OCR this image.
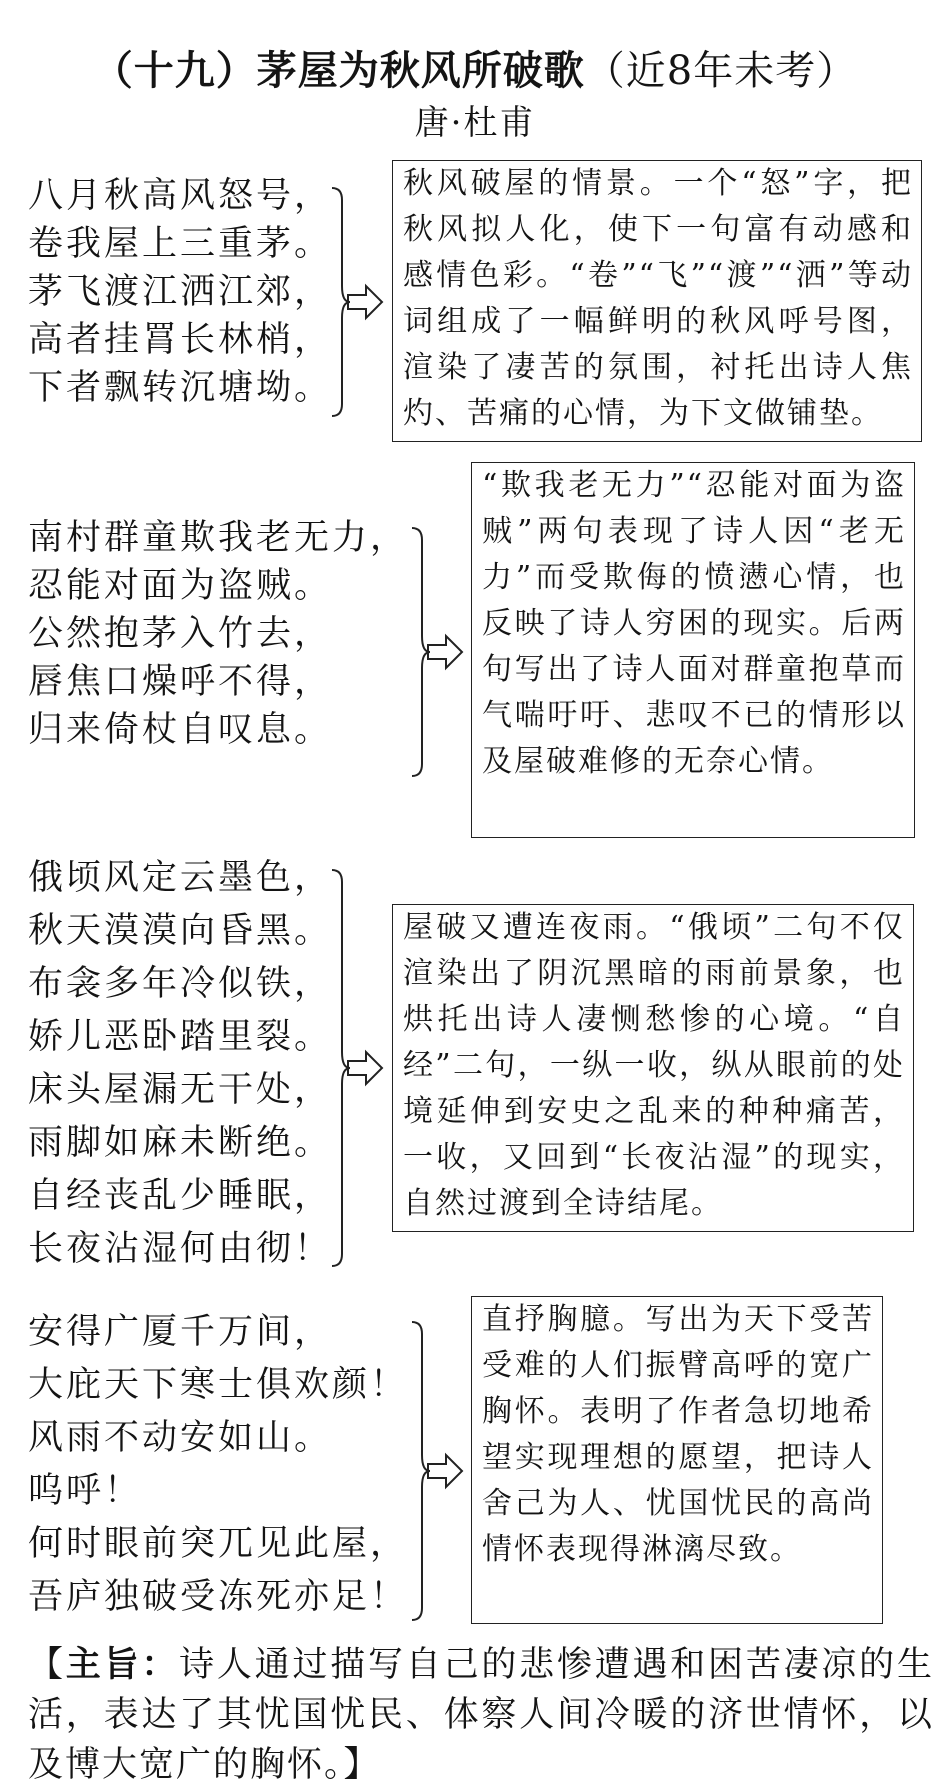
（十九）茅屋为秋风所破歌（近8年未考）
唐·杜甫
八月秋高风怒号，
卷我屋上三重茅。
茅飞渡江洒江郊，
高者挂罥长林梢，
下者飘转沉塘坳。
秋风破屋的情景。一个“怒”字，把秋风拟人化，使下一句富有动感和感情色彩。“卷”“飞”“渡”“洒”等动词组成了一幅鲜明的秋风呼号图，渲染了凄苦的氛围，衬托出诗人焦灼、苦痛的心情，为下文做铺垫。
南村群童欺我老无力，
忍能对面为盗贼。
公然抱茅入竹去，
唇焦口燥呼不得，
归来倚杖自叹息。
“欺我老无力”“忍能对面为盗贼”两句表现了诗人因“老无力”而受欺侮的愤懑心情，也反映了诗人穷困的现实。后两句写出了诗人面对群童抱草而气喘吁吁、悲叹不已的情形以及屋破难修的无奈心情。
俄顷风定云墨色，
秋天漠漠向昏黑。
布衾多年冷似铁，
娇儿恶卧踏里裂。
床头屋漏无干处，
雨脚如麻未断绝。
自经丧乱少睡眠，
长夜沾湿何由彻！
屋破又遭连夜雨。“俄顷”二句不仅渲染出了阴沉黑暗的雨前景象，也烘托出诗人凄恻愁惨的心境。“自经”二句，一纵一收，纵从眼前的处境延伸到安史之乱来的种种痛苦，一收，又回到“长夜沾湿”的现实，自然过渡到全诗结尾。
安得广厦千万间，
大庇天下寒士俱欢颜！
风雨不动安如山。
呜呼！
何时眼前突兀见此屋，
吾庐独破受冻死亦足！
直抒胸臆。写出为天下受苦受难的人们振臂高呼的宽广胸怀。表明了作者急切地希望实现理想的愿望，把诗人舍己为人、忧国忧民的高尚情怀表现得淋漓尽致。
【主旨：诗人通过描写自己的悲惨遭遇和困苦凄凉的生活，表达了其忧国忧民、体察人间冷暖的济世情怀，以及博大宽广的胸怀。】
